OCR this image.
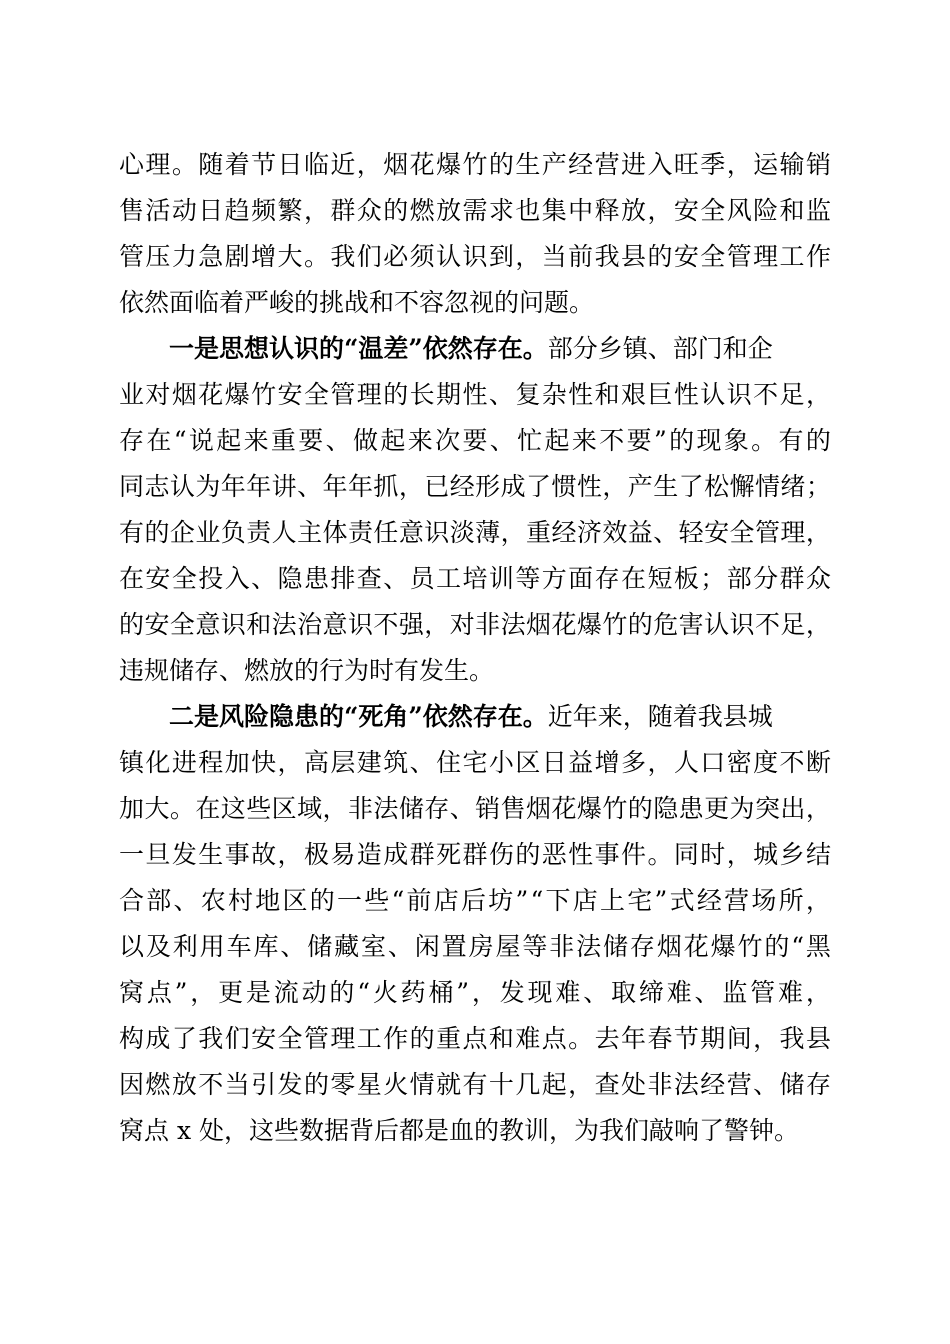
心 理 。 随 着 节 日 临 近 ， 烟 花 爆 竹 的 生 产 经 营 进 入 旺 季 ， 运 输 销
售 活 动 日 趋 频 繁 ， 群 众 的 燃 放 需 求 也 集 中 释 放 ， 安 全 风 险 和 监
管 压 力 急 剧 增 大 。 我 们 必 须 认 识 到 ， 当 前 我 县 的 安 全 管 理 工 作
依然面临着严峻的挑战和不容忽视的问题。
一是思想认识的“温差”依然存在。 部分乡镇、部门和企
业 对 烟 花 爆 竹 安 全 管 理 的 长 期 性 、 复 杂 性 和 艰 巨 性 认 识 不 足 ，
存 在 “ 说 起 来 重 要 、 做 起 来 次 要 、 忙 起 来 不 要 ” 的 现 象 。 有 的
同 志 认 为 年 年 讲 、 年 年 抓 ， 已 经 形 成 了 惯 性 ， 产 生 了 松 懈 情 绪 ；
有 的 企 业 负 责 人 主 体 责 任 意 识 淡 薄 ， 重 经 济 效 益 、 轻 安 全 管 理 ，
在 安 全 投 入 、 隐 患 排 查 、 员 工 培 训 等 方 面 存 在 短 板 ； 部 分 群 众
的 安 全 意 识 和 法 治 意 识 不 强 ， 对 非 法 烟 花 爆 竹 的 危 害 认 识 不 足 ，
违规储存、燃放的行为时有发生。
二是风险隐患的“死角”依然存在。 近年来，随着我县城
镇 化 进 程 加 快 ， 高 层 建 筑 、 住 宅 小 区 日 益 增 多 ， 人 口 密 度 不 断
加 大 。 在 这 些 区 域 ， 非 法 储 存 、 销 售 烟 花 爆 竹 的 隐 患 更 为 突 出 ，
一 旦 发 生 事 故 ， 极 易 造 成 群 死 群 伤 的 恶 性 事 件 。 同 时 ， 城 乡 结
合 部 、 农 村 地 区 的 一 些 “ 前 店 后 坊 ” “ 下 店 上 宅 ” 式 经 营 场 所 ，
以 及 利 用 车 库 、 储 藏 室 、 闲 置 房 屋 等 非 法 储 存 烟 花 爆 竹 的 “ 黑
窝 点 ” ， 更 是 流 动 的 “ 火 药 桶 ” ， 发 现 难 、 取 缔 难 、 监 管 难 ，
构 成 了 我 们 安 全 管 理 工 作 的 重 点 和 难 点 。 去 年 春 节 期 间 ， 我 县
因 燃 放 不 当 引 发 的 零 星 火 情 就 有 十 几 起 ， 查 处 非 法 经 营 、 储 存
窝点 x 处，这些数据背后都是血的教训，为我们敲响了警钟。
